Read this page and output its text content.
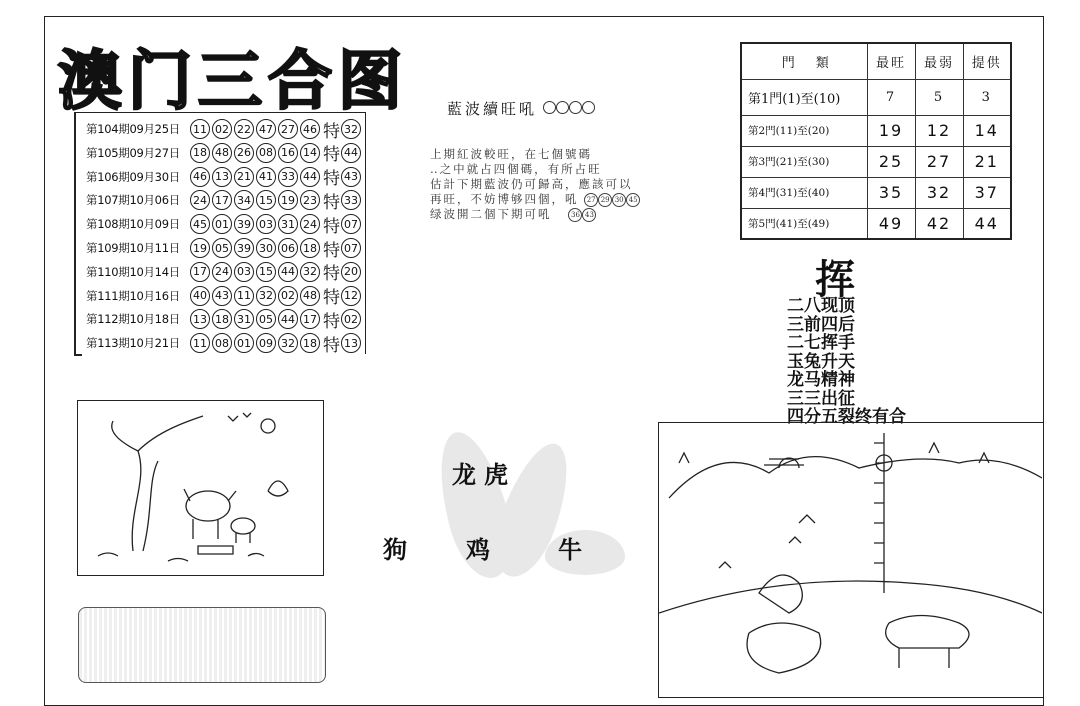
澳门三合图
第104期09月25日	11 02 22 47 27 46 特 32
第105期09月27日	18 48 26 08 16 14 特 44
第106期09月30日	46 13 21 41 33 44 特 43
第107期10月06日	24 17 34 15 19 23 特 33
第108期10月09日	45 01 39 03 31 24 特 07
第109期10月11日	19 05 39 30 06 18 特 07
第110期10月14日	17 24 03 15 44 32 特 20
第111期10月16日	40 43 11 32 02 48 特 12
第112期10月18日	13 18 31 05 44 17 特 02
第113期10月21日	11 08 01 09 32 18 特 13
藍波續旺吼
上期紅波較旺，在七個號碼
‥之中就占四個碼，有所占旺
估計下期藍波仍可歸高，應該可以
再旺，不妨博够四個，吼 27 29 30 45
绿波開二個下期可吼	36 43
門　類	最旺	最弱	提供
第1門(1)至(10)	7	5	3
第2門(11)至(20)	19	12	14
第3門(21)至(30)	25	27	21
第4門(31)至(40)	35	32	37
第5門(41)至(49)	49	42	44
挥
二八现顶
三前四后
二七挥手
玉兔升天
龙马精神
三三出征
四分五裂终有合
龙虎
狗 鸡	牛
